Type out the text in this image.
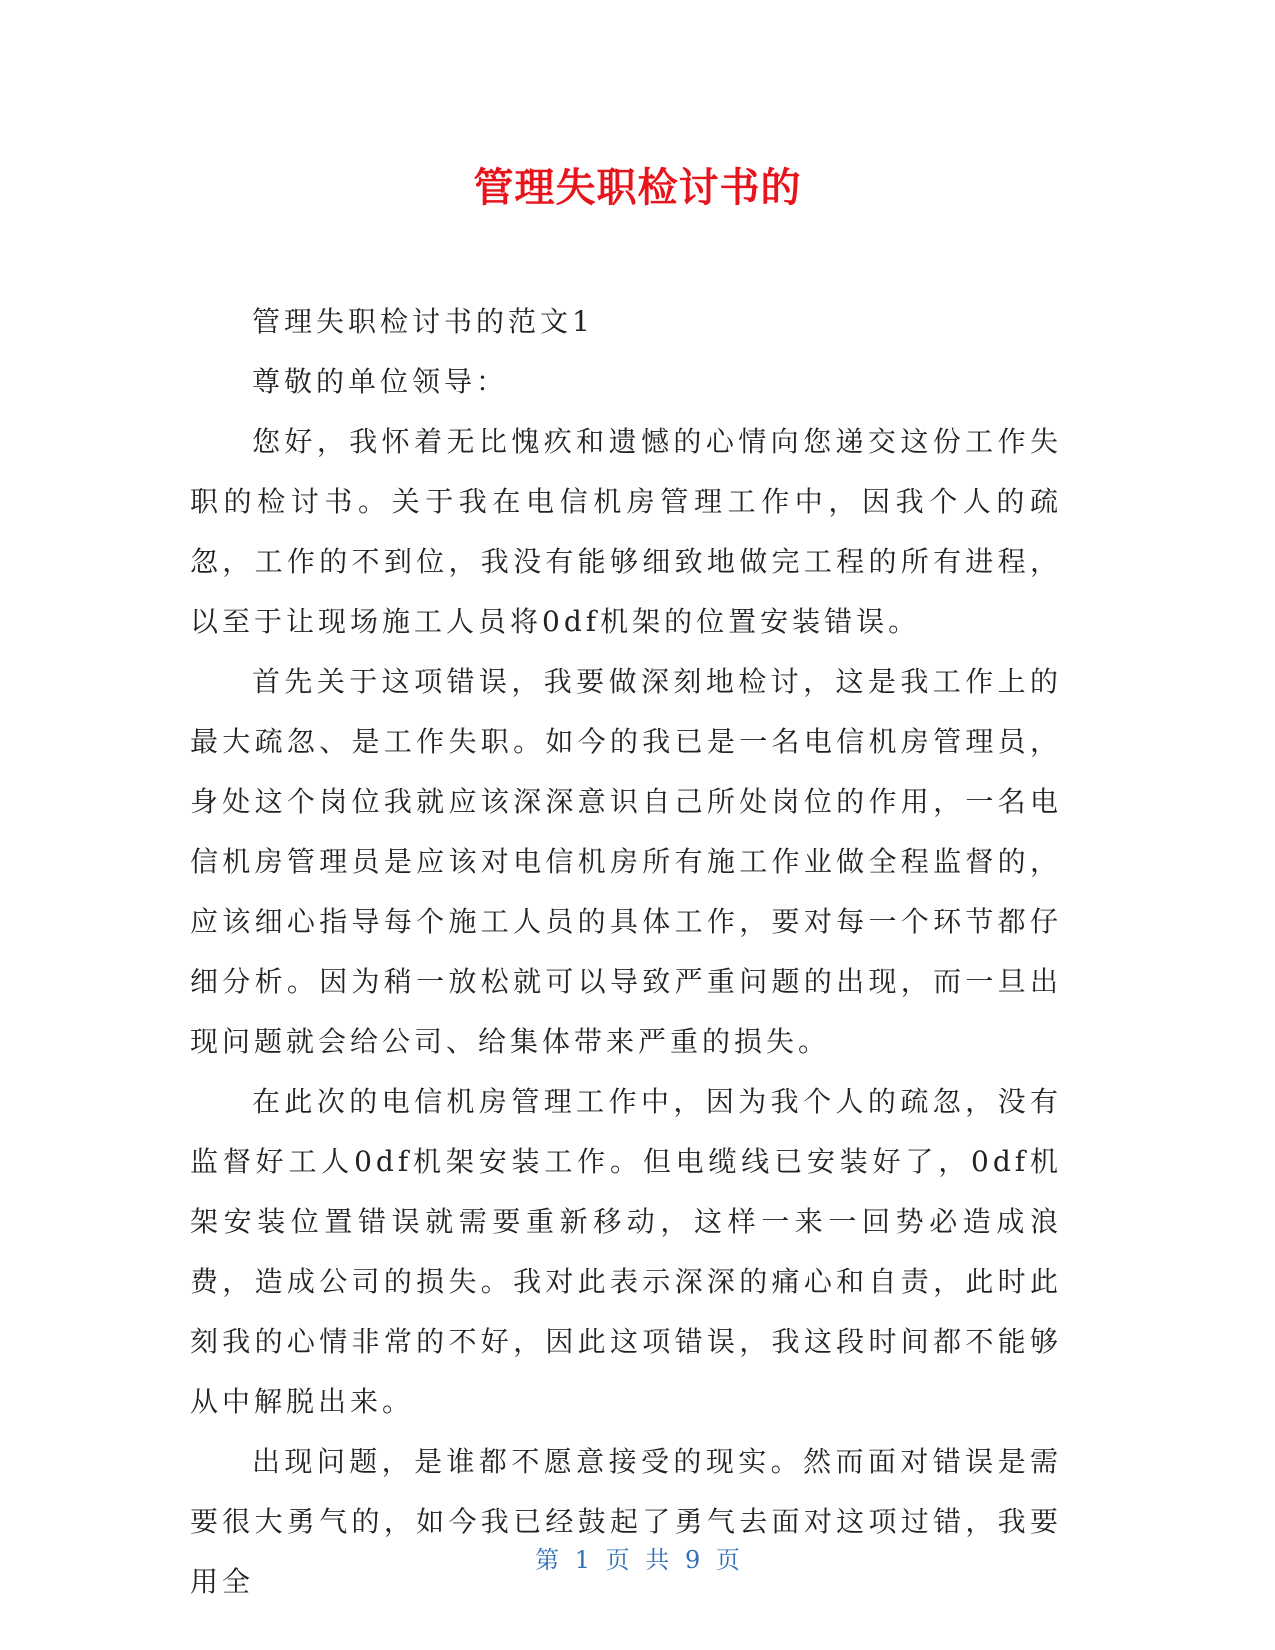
管理失职检讨书的

管理失职检讨书的范文1

尊敬的单位领导：

您好，我怀着无比愧疚和遗憾的心情向您递交这份工作失职的检讨书。关于我在电信机房管理工作中，因我个人的疏忽，工作的不到位，我没有能够细致地做完工程的所有进程，以至于让现场施工人员将0df机架的位置安装错误。

首先关于这项错误，我要做深刻地检讨，这是我工作上的最大疏忽、是工作失职。如今的我已是一名电信机房管理员，身处这个岗位我就应该深深意识自己所处岗位的作用，一名电信机房管理员是应该对电信机房所有施工作业做全程监督的，应该细心指导每个施工人员的具体工作，要对每一个环节都仔细分析。因为稍一放松就可以导致严重问题的出现，而一旦出现问题就会给公司、给集体带来严重的损失。

在此次的电信机房管理工作中，因为我个人的疏忽，没有监督好工人0df机架安装工作。但电缆线已安装好了，0df机架安装位置错误就需要重新移动，这样一来一回势必造成浪费，造成公司的损失。我对此表示深深的痛心和自责，此时此刻我的心情非常的不好，因此这项错误，我这段时间都不能够从中解脱出来。

出现问题，是谁都不愿意接受的现实。然而面对错误是需要很大勇气的，如今我已经鼓起了勇气去面对这项过错，我要用全

第 1 页 共 9 页
